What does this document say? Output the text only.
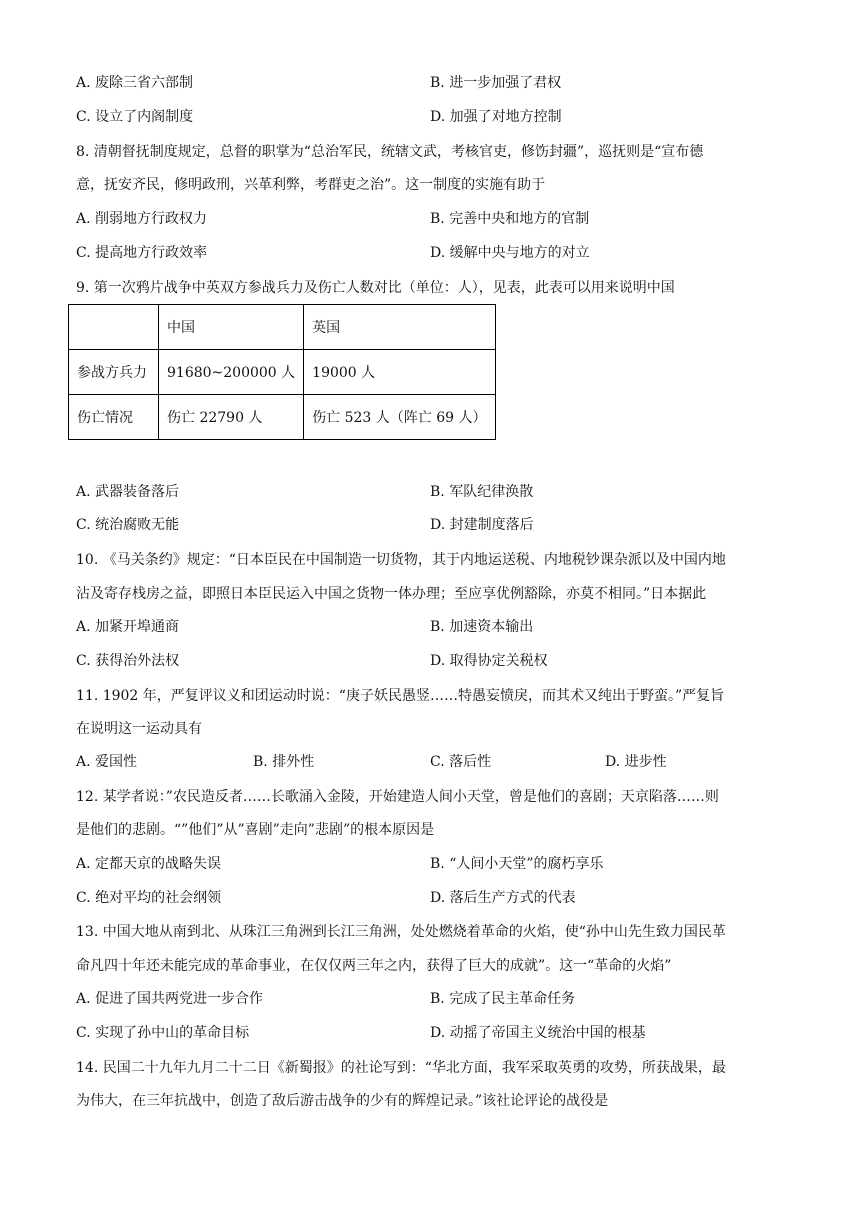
A. 废除三省六部制	B. 进一步加强了君权
C. 设立了内阁制度	D. 加强了对地方控制
8. 清朝督抚制度规定，总督的职掌为“总治军民，统辖文武，考核官吏，修饬封疆”，巡抚则是“宣布德
意，抚安齐民，修明政刑，兴革利弊，考群吏之治”。这一制度的实施有助于
A. 削弱地方行政权力	B. 完善中央和地方的官制
C. 提高地方行政效率	D. 缓解中央与地方的对立
9. 第一次鸦片战争中英双方参战兵力及伤亡人数对比（单位：人），见表，此表可以用来说明中国
	中国	英国
参战方兵力	91680~200000 人	19000 人
伤亡情况	伤亡 22790 人	伤亡 523 人（阵亡 69 人）
A. 武器装备落后	B. 军队纪律涣散
C. 统治腐败无能	D. 封建制度落后
10. 《马关条约》规定：“日本臣民在中国制造一切货物，其于内地运送税、内地税钞课杂派以及中国内地
沾及寄存栈房之益，即照日本臣民运入中国之货物一体办理；至应享优例豁除，亦莫不相同。”日本据此
A. 加紧开埠通商	B. 加速资本输出
C. 获得治外法权	D. 取得协定关税权
11. 1902 年，严复评议义和团运动时说：“庚子妖民愚竖……特愚妄愤戾，而其术又纯出于野蛮。”严复旨
在说明这一运动具有
A. 爱国性	B. 排外性	C. 落后性	D. 进步性
12. 某学者说：”农民造反者……长歌涌入金陵，开始建造人间小天堂，曾是他们的喜剧；天京陷落……则
是他们的悲剧。“”他们”从”喜剧”走向”悲剧”的根本原因是
A. 定都天京的战略失误	B. “人间小天堂”的腐朽享乐
C. 绝对平均的社会纲领	D. 落后生产方式的代表
13. 中国大地从南到北、从珠江三角洲到长江三角洲，处处燃烧着革命的火焰，使“孙中山先生致力国民革
命凡四十年还未能完成的革命事业，在仅仅两三年之内，获得了巨大的成就”。这一“革命的火焰”
A. 促进了国共两党进一步合作	B. 完成了民主革命任务
C. 实现了孙中山的革命目标	D. 动摇了帝国主义统治中国的根基
14. 民国二十九年九月二十二日《新蜀报》的社论写到：“华北方面，我军采取英勇的攻势，所获战果，最
为伟大，在三年抗战中，创造了敌后游击战争的少有的辉煌记录。”该社论评论的战役是
